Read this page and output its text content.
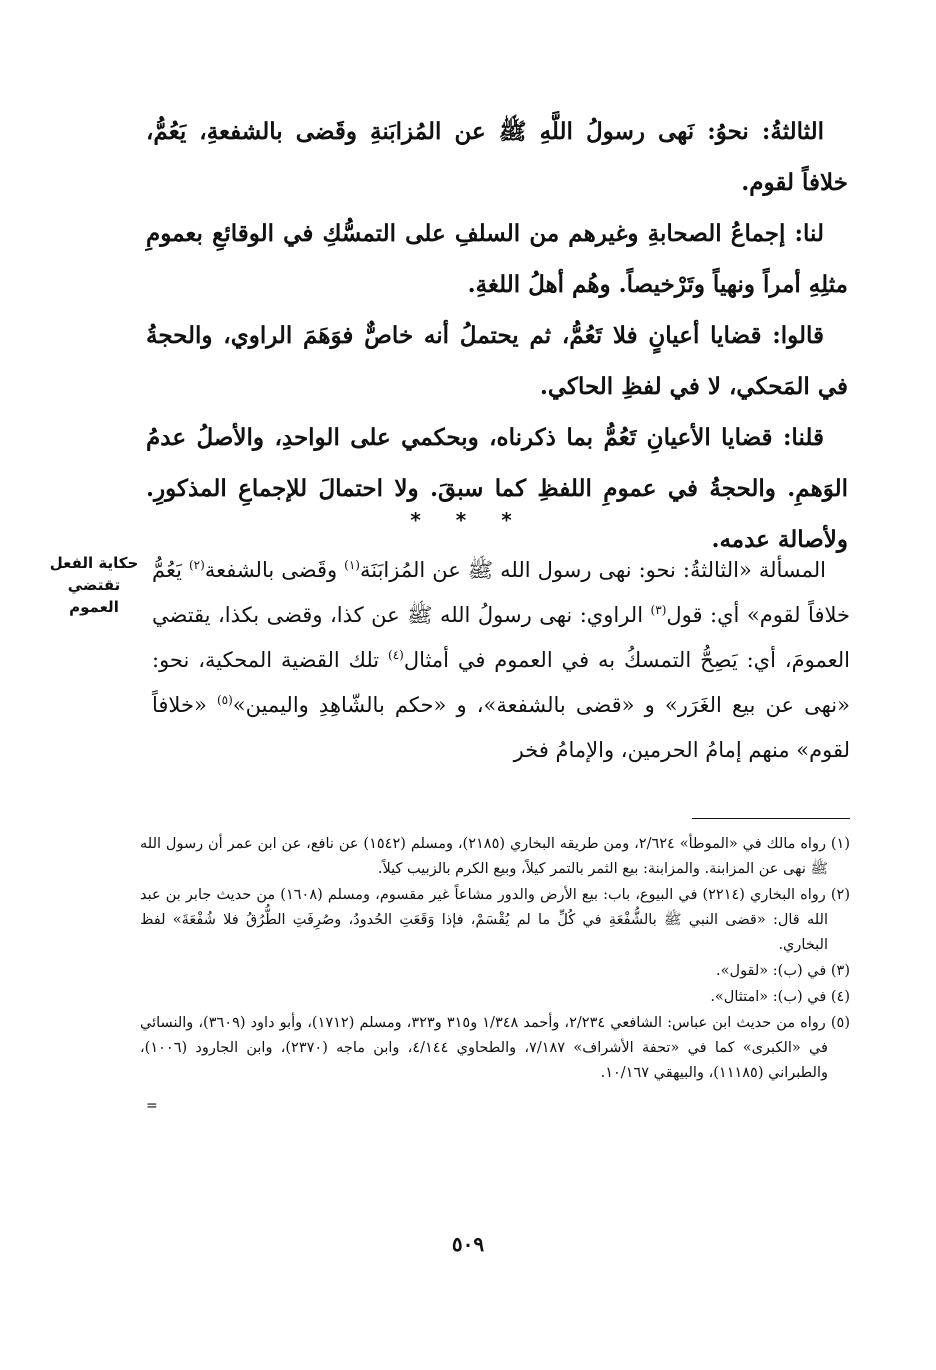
الثالثةُ: نحوُ: نَهى رسولُ اللَّهِ ﷺ عن المُزابَنةِ وقَضى بالشفعةِ، يَعُمُّ، خلافاً لقوم.

لنا: إجماعُ الصحابةِ وغيرهم من السلفِ على التمسُّكِ في الوقائعِ بعمومِ مثلِهِ أمراً ونهياً وتَرْخيصاً. وهُم أهلُ اللغةِ.

قالوا: قضايا أعيانٍ فلا تَعُمُّ، ثم يحتملُ أنه خاصٌّ فوَهَمَ الراوي، والحجةُ في المَحكي، لا في لفظِ الحاكي.

قلنا: قضايا الأعيانِ تَعُمُّ بما ذكرناه، وبحكمي على الواحدِ، والأصلُ عدمُ الوَهمِ. والحجةُ في عمومِ اللفظِ كما سبقَ. ولا احتمالَ للإجماعِ المذكورِ. ولأصالة عدمه.

* * *
حكاية الفعل تقتضي العموم
المسألة «الثالثةُ: نحو: نهى رسول الله ﷺ عن المُزابَنَة$^{(١)}$ وقَضى بالشفعة$^{(٢)}$ يَعُمُّ خلافاً لقوم» أي: قول$^{(٣)}$ الراوي: نهى رسولُ الله ﷺ عن كذا، وقضى بكذا، يقتضي العمومَ، أي: يَصِحُّ التمسكُ به في العموم في أمثال$^{(٤)}$ تلك القضية المحكية، نحو: «نهى عن بيع الغَرَر» و «قضى بالشفعة»، و «حكم بالشّاهِدِ واليمين»$^{(٥)}$ «خلافاً لقوم» منهم إمامُ الحرمين، والإمامُ فخر

(١) رواه مالك في «الموطأ» ٢/٦٢٤، ومن طريقه البخاري (٢١٨٥)، ومسلم (١٥٤٢) عن نافع، عن ابن عمر أن رسول الله ﷺ نهى عن المزابنة. والمزابنة: بيع الثمر بالتمر كيلاً، وبيع الكرم بالزبيب كيلاً.

(٢) رواه البخاري (٢٢١٤) في البيوع، باب: بيع الأرض والدور مشاعاً غير مقسوم، ومسلم (١٦٠٨) من حديث جابر بن عبد الله قال: «قضى النبي ﷺ بالشُّفْعَةِ في كُلِّ ما لم يُقْسَمْ، فإذا وَقَعَتِ الحُدودُ، وصُرِفَتِ الطُّرُقُ فلا شُفْعَةَ» لفظ البخاري.

(٣) في (ب): «لقول».

(٤) في (ب): «امتثال».

(٥) رواه من حديث ابن عباس: الشافعي ٢/٢٣٤، وأحمد ١/٣٤٨ و٣١٥ و٣٢٣، ومسلم (١٧١٢)، وأبو داود (٣٦٠٩)، والنسائي في «الكبرى» كما في «تحفة الأشراف» ٧/١٨٧، والطحاوي ٤/١٤٤، وابن ماجه (٢٣٧٠)، وابن الجارود (١٠٠٦)، والطبراني (١١١٨٥)، والبيهقي ١٠/١٦٧.

=
٥٠٩
